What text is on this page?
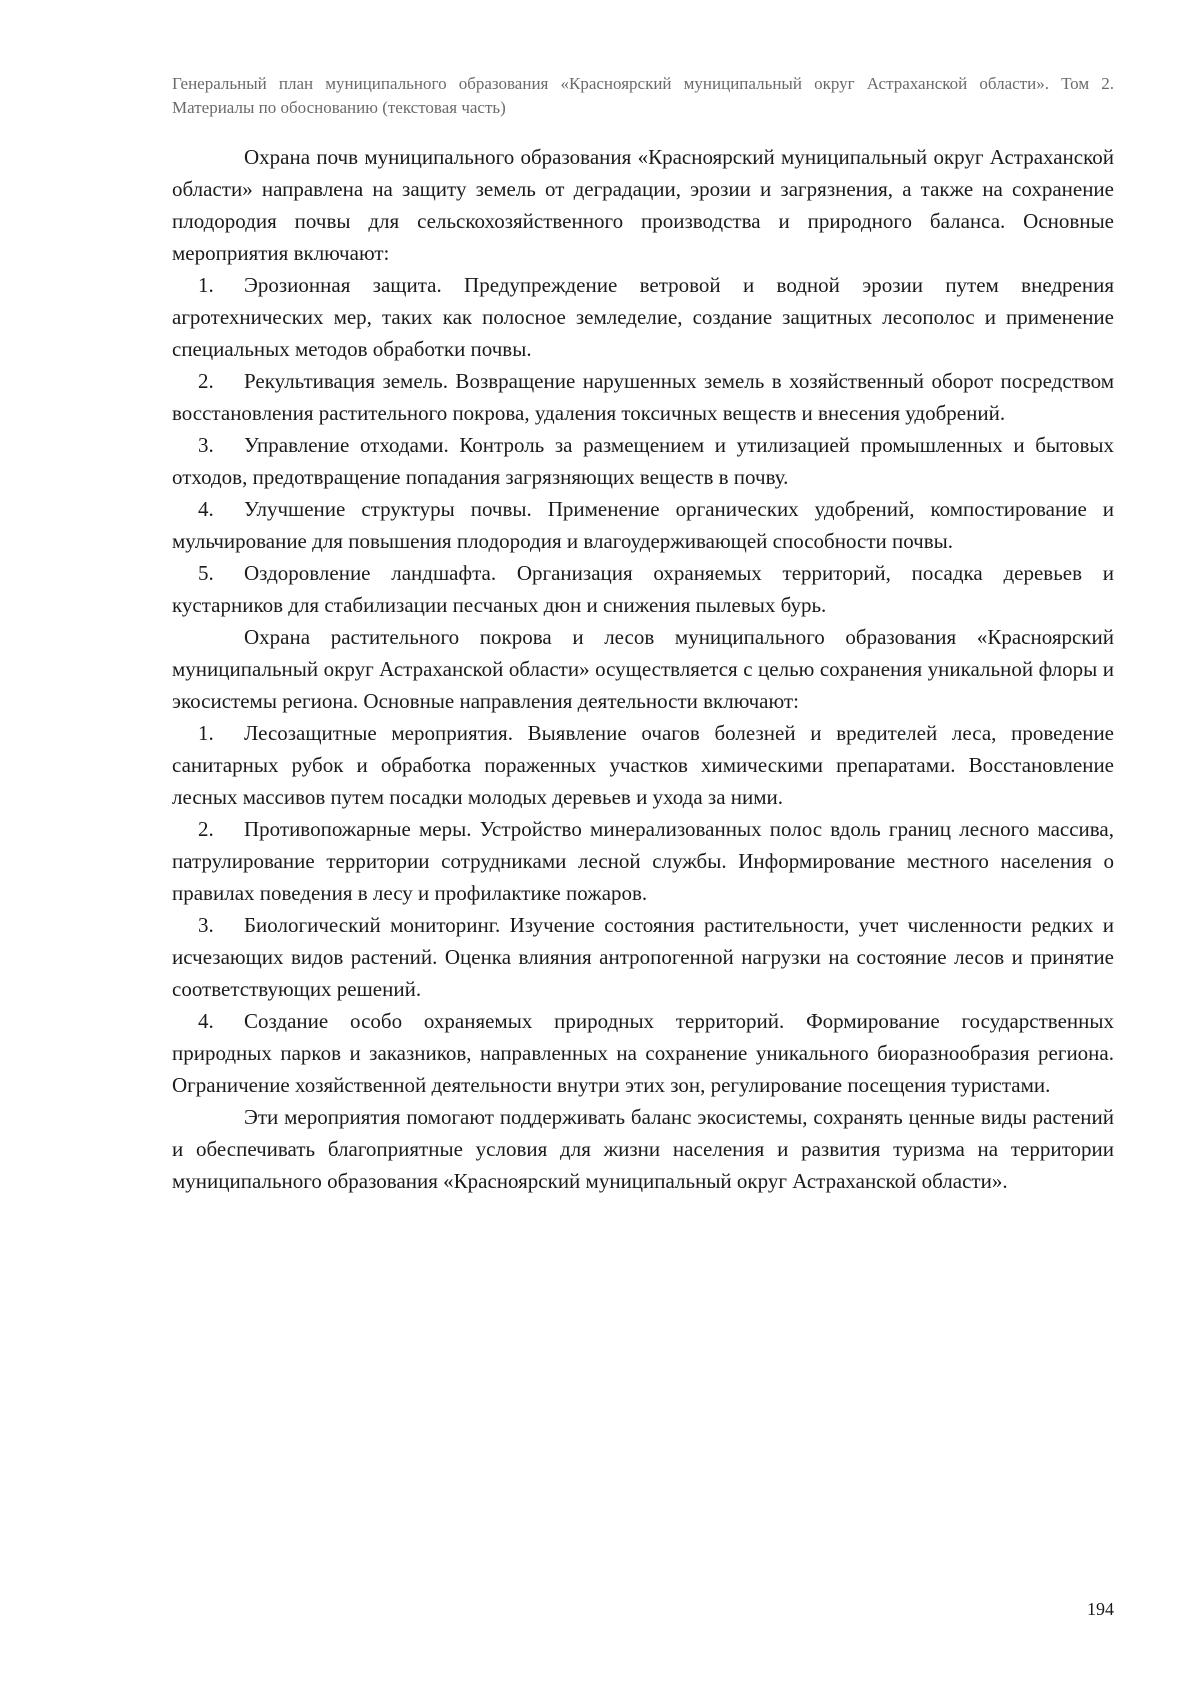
Генеральный план муниципального образования «Красноярский муниципальный округ Астраханской области». Том 2. Материалы по обоснованию (текстовая часть)

Охрана почв муниципального образования «Красноярский муниципальный округ Астраханской области» направлена на защиту земель от деградации, эрозии и загрязнения, а также на сохранение плодородия почвы для сельскохозяйственного производства и природного баланса. Основные мероприятия включают:

1. Эрозионная защита. Предупреждение ветровой и водной эрозии путем внедрения агротехнических мер, таких как полосное земледелие, создание защитных лесополос и применение специальных методов обработки почвы.

2. Рекультивация земель. Возвращение нарушенных земель в хозяйственный оборот посредством восстановления растительного покрова, удаления токсичных веществ и внесения удобрений.

3. Управление отходами. Контроль за размещением и утилизацией промышленных и бытовых отходов, предотвращение попадания загрязняющих веществ в почву.

4. Улучшение структуры почвы. Применение органических удобрений, компостирование и мульчирование для повышения плодородия и влагоудерживающей способности почвы.

5. Оздоровление ландшафта. Организация охраняемых территорий, посадка деревьев и кустарников для стабилизации песчаных дюн и снижения пылевых бурь.

Охрана растительного покрова и лесов муниципального образования «Красноярский муниципальный округ Астраханской области» осуществляется с целью сохранения уникальной флоры и экосистемы региона. Основные направления деятельности включают:

1. Лесозащитные мероприятия. Выявление очагов болезней и вредителей леса, проведение санитарных рубок и обработка пораженных участков химическими препаратами. Восстановление лесных массивов путем посадки молодых деревьев и ухода за ними.

2. Противопожарные меры. Устройство минерализованных полос вдоль границ лесного массива, патрулирование территории сотрудниками лесной службы. Информирование местного населения о правилах поведения в лесу и профилактике пожаров.

3. Биологический мониторинг. Изучение состояния растительности, учет численности редких и исчезающих видов растений. Оценка влияния антропогенной нагрузки на состояние лесов и принятие соответствующих решений.

4. Создание особо охраняемых природных территорий. Формирование государственных природных парков и заказников, направленных на сохранение уникального биоразнообразия региона. Ограничение хозяйственной деятельности внутри этих зон, регулирование посещения туристами.

Эти мероприятия помогают поддерживать баланс экосистемы, сохранять ценные виды растений и обеспечивать благоприятные условия для жизни населения и развития туризма на территории муниципального образования «Красноярский муниципальный округ Астраханской области».

194
